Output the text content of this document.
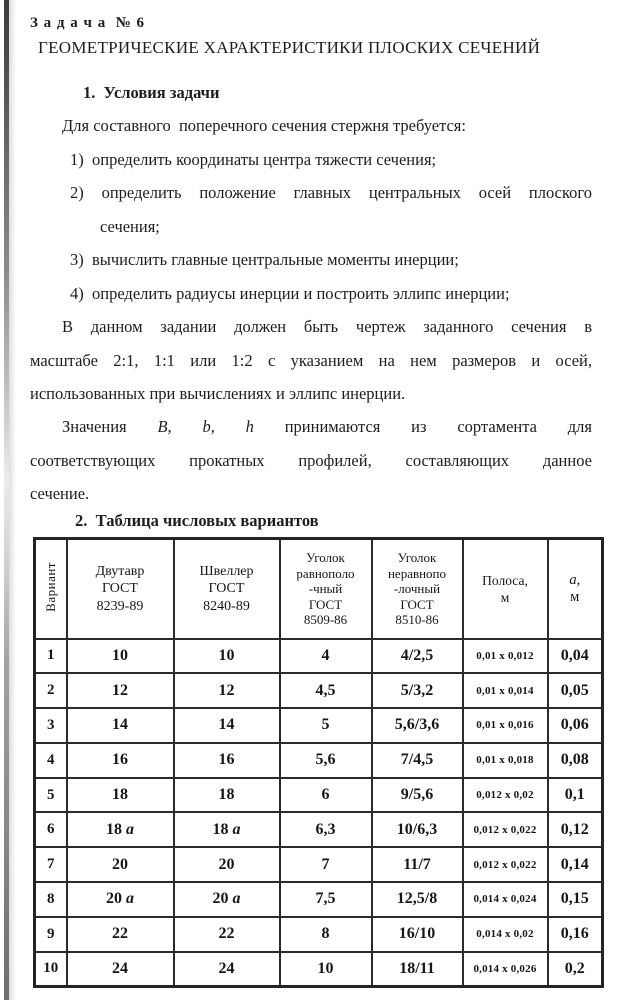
З а д а ч а  № 6
ГЕОМЕТРИЧЕСКИЕ ХАРАКТЕРИСТИКИ ПЛОСКИХ СЕЧЕНИЙ
1.  Условия задачи
Для составного  поперечного сечения стержня требуется:
1)  определить координаты центра тяжести сечения;
2) определить положение главных центральных осей плоского
сечения;
3)  вычислить главные центральные моменты инерции;
4)  определить радиусы инерции и построить эллипс инерции;
В данном задании должен быть чертеж заданного сечения в
масштабе 2:1, 1:1 или 1:2 с указанием на нем размеров и осей,
использованных при вычислениях и эллипс инерции.
Значения B, b, h принимаются из сортамента для
соответствующих прокатных профилей, составляющих данное
сечение.
2.  Таблица числовых вариантов
Вариант	Двутавр
ГОСТ
8239-89	Швеллер
ГОСТ
8240-89	Уголок
равнополо
-чный
ГОСТ
8509-86	Уголок
неравнопо
-лочный
ГОСТ
8510-86	Полоса,
м	a,
м
1	10	10	4	4/2,5	0,01 x 0,012	0,04
2	12	12	4,5	5/3,2	0,01 x 0,014	0,05
3	14	14	5	5,6/3,6	0,01 x 0,016	0,06
4	16	16	5,6	7/4,5	0,01 x 0,018	0,08
5	18	18	6	9/5,6	0,012 x 0,02	0,1
6	18 a	18 a	6,3	10/6,3	0,012 x 0,022	0,12
7	20	20	7	11/7	0,012 x 0,022	0,14
8	20 a	20 a	7,5	12,5/8	0,014 x 0,024	0,15
9	22	22	8	16/10	0,014 x 0,02	0,16
10	24	24	10	18/11	0,014 x 0,026	0,2
